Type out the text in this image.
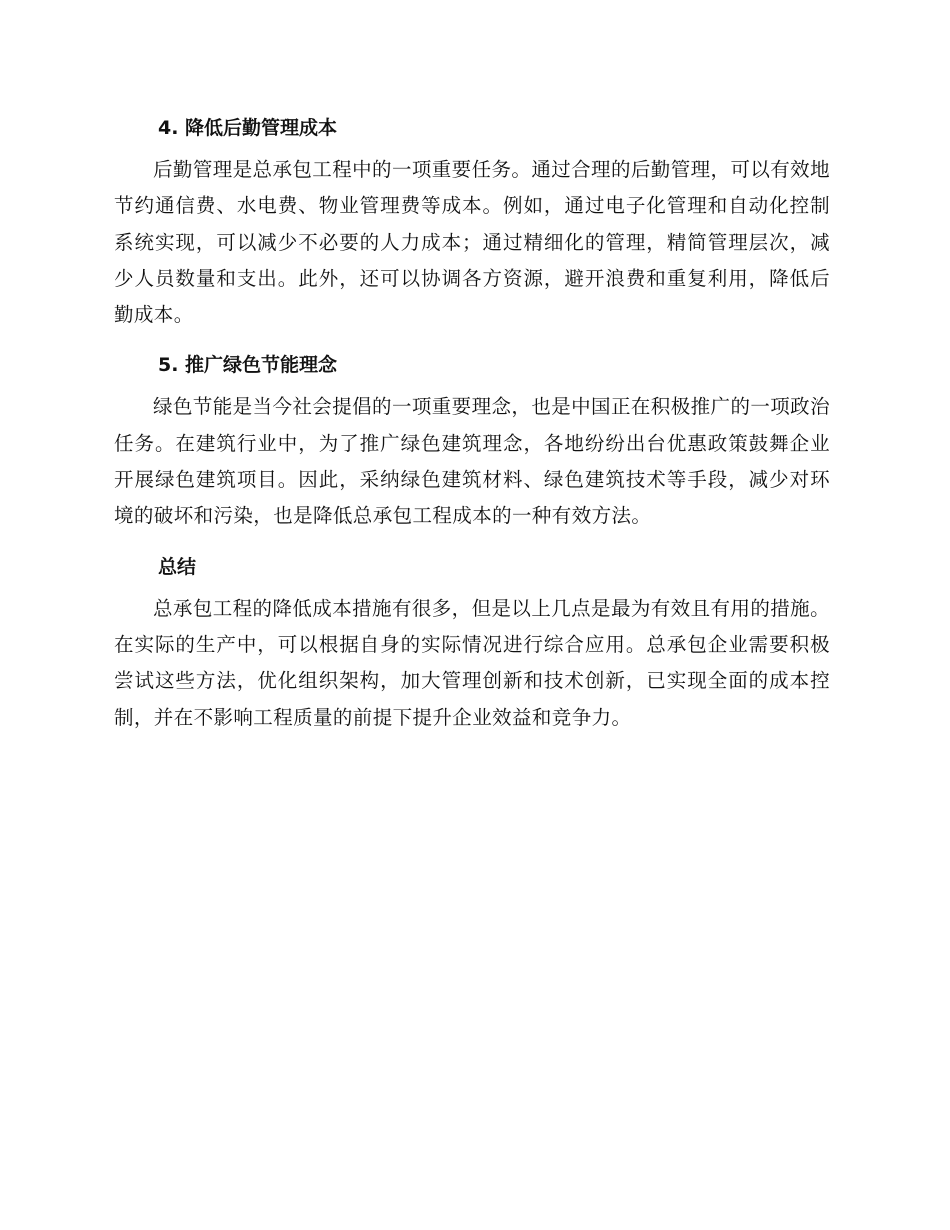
4. 降低后勤管理成本

后勤管理是总承包工程中的一项重要任务。通过合理的后勤管理，可以有效地节约通信费、水电费、物业管理费等成本。例如，通过电子化管理和自动化控制系统实现，可以减少不必要的人力成本；通过精细化的管理，精简管理层次，减少人员数量和支出。此外，还可以协调各方资源，避开浪费和重复利用，降低后勤成本。

5. 推广绿色节能理念

绿色节能是当今社会提倡的一项重要理念，也是中国正在积极推广的一项政治任务。在建筑行业中，为了推广绿色建筑理念，各地纷纷出台优惠政策鼓舞企业开展绿色建筑项目。因此，采纳绿色建筑材料、绿色建筑技术等手段，减少对环境的破坏和污染，也是降低总承包工程成本的一种有效方法。

总结

总承包工程的降低成本措施有很多，但是以上几点是最为有效且有用的措施。在实际的生产中，可以根据自身的实际情况进行综合应用。总承包企业需要积极尝试这些方法，优化组织架构，加大管理创新和技术创新，已实现全面的成本控制，并在不影响工程质量的前提下提升企业效益和竞争力。
